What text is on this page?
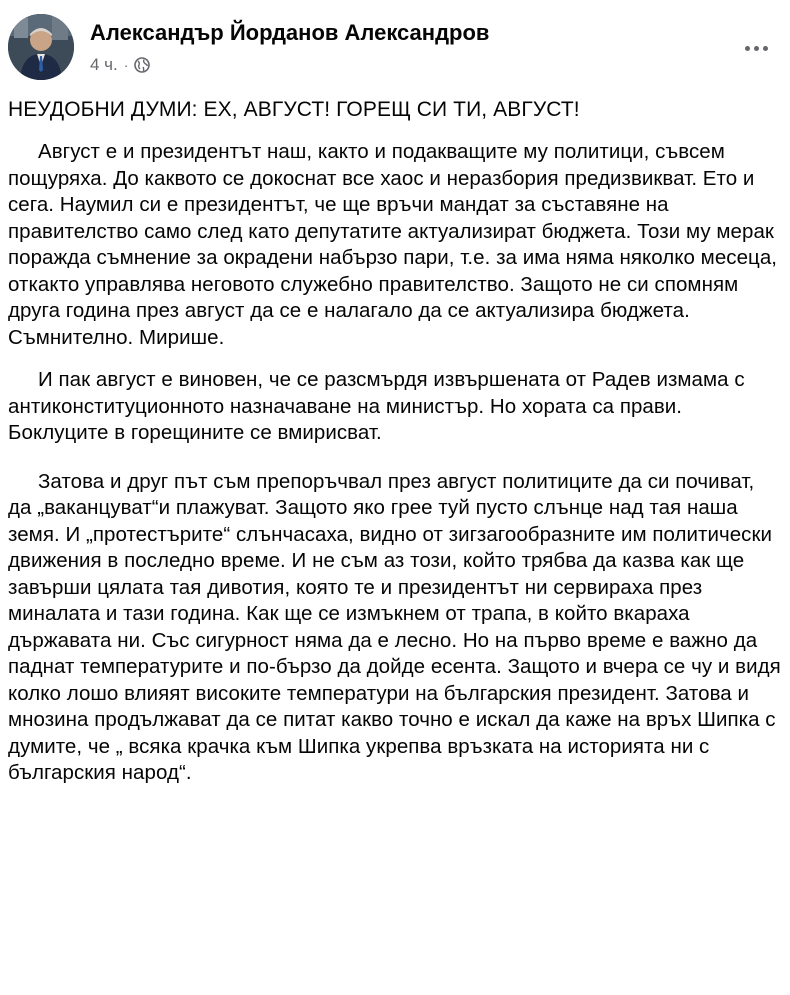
Александър Йорданов Александров
4 ч. ·
НЕУДОБНИ ДУМИ: ЕХ, АВГУСТ! ГОРЕЩ СИ ТИ, АВГУСТ!
Август е и президентът наш, както и подакващите му политици, съвсем пощуряха. До каквото се докоснат все хаос и неразбория предизвикват. Ето и сега. Наумил си е президентът, че ще връчи мандат за съставяне на правителство само след като депутатите актуализират бюджета. Този му мерак поражда съмнение за окрадени набързо пари, т.е. за има няма няколко месеца, откакто управлява неговото служебно правителство. Защото не си спомням друга година през август да се е налагало да се актуализира бюджета. Съмнително. Мирише.
И пак август е виновен, че се разсмърдя извършената от Радев измама с антиконституционното назначаване на министър. Но хората са прави. Боклуците в горещините се вмирисват.
Затова и друг път съм препоръчвал през август политиците да си почиват, да „ваканцуват“и плажуват. Защото яко грее туй пусто слънце над тая наша земя. И „протестърите“ слънчасаха, видно от зигзагообразните им политически движения в последно време. И не съм аз този, който трябва да казва как ще завърши цялата тая дивотия, която те и президентът ни сервираха през миналата и тази година. Как ще се измъкнем от трапа, в който вкараха държавата ни. Със сигурност няма да е лесно. Но на първо време е важно да паднат температурите и по-бързо да дойде есента. Защото и вчера се чу и видя колко лошо влияят високите температури на българския президент. Затова и мнозина продължават да се питат какво точно е искал да каже на връх Шипка с думите, че „ всяка крачка към Шипка укрепва връзката на историята ни с българския народ“.
